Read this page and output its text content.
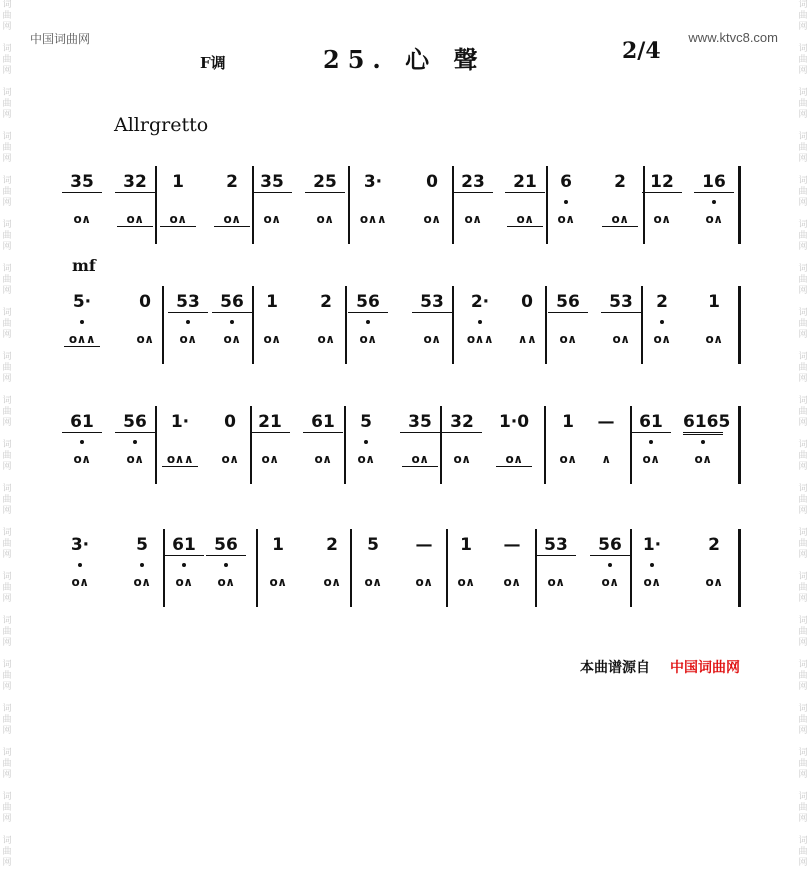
词
曲
网

词
曲
网

词
曲
网

词
曲
网

词
曲
网

词
曲
网

词
曲
网

词
曲
网

词
曲
网

词
曲
网

词
曲
网

词
曲
网

词
曲
网

词
曲
网

词
曲
网

词
曲
网

词
曲
网

词
曲
网

词
曲
网

词
曲
网

词
曲
网

词
曲
网

词
曲
网

词
曲
网

词
曲
网

词
曲
网

词
曲
网

词
曲
网

词
曲
网

词
曲
网

词
曲
网

词
曲
网

词
曲
网

词
曲
网

词
曲
网

词
曲
网

词
曲
网

词
曲
网

词
曲
网

词
曲
网

中国词曲网	www.ktvc8.com
F调	25. 心 聲	2/4
Allrgretto
mf
35
o∧
32
o∧
1
o∧
2
o∧
35
o∧
25
o∧
3·
o∧∧
0
o∧
23
o∧
21
o∧
6
o∧
2
o∧
12
o∧
16
o∧
5·
o∧∧
0
o∧
53
o∧
56
o∧
1
o∧
2
o∧
56
o∧
53
o∧
2·
o∧∧
0
∧∧
56
o∧
53
o∧
2
o∧
1
o∧
61
o∧
56
o∧
1·
o∧∧
0
o∧
21
o∧
61
o∧
5
o∧
35
o∧
32
o∧
1·0
o∧
1
o∧
—
∧
61
o∧
6165
o∧
3·
o∧
5
o∧
61
o∧
56
o∧
1
o∧
2
o∧
5
o∧
—
o∧
1
o∧
—
o∧
53
o∧
56
o∧
1·
o∧
2
o∧
本曲谱源自 中国词曲网
